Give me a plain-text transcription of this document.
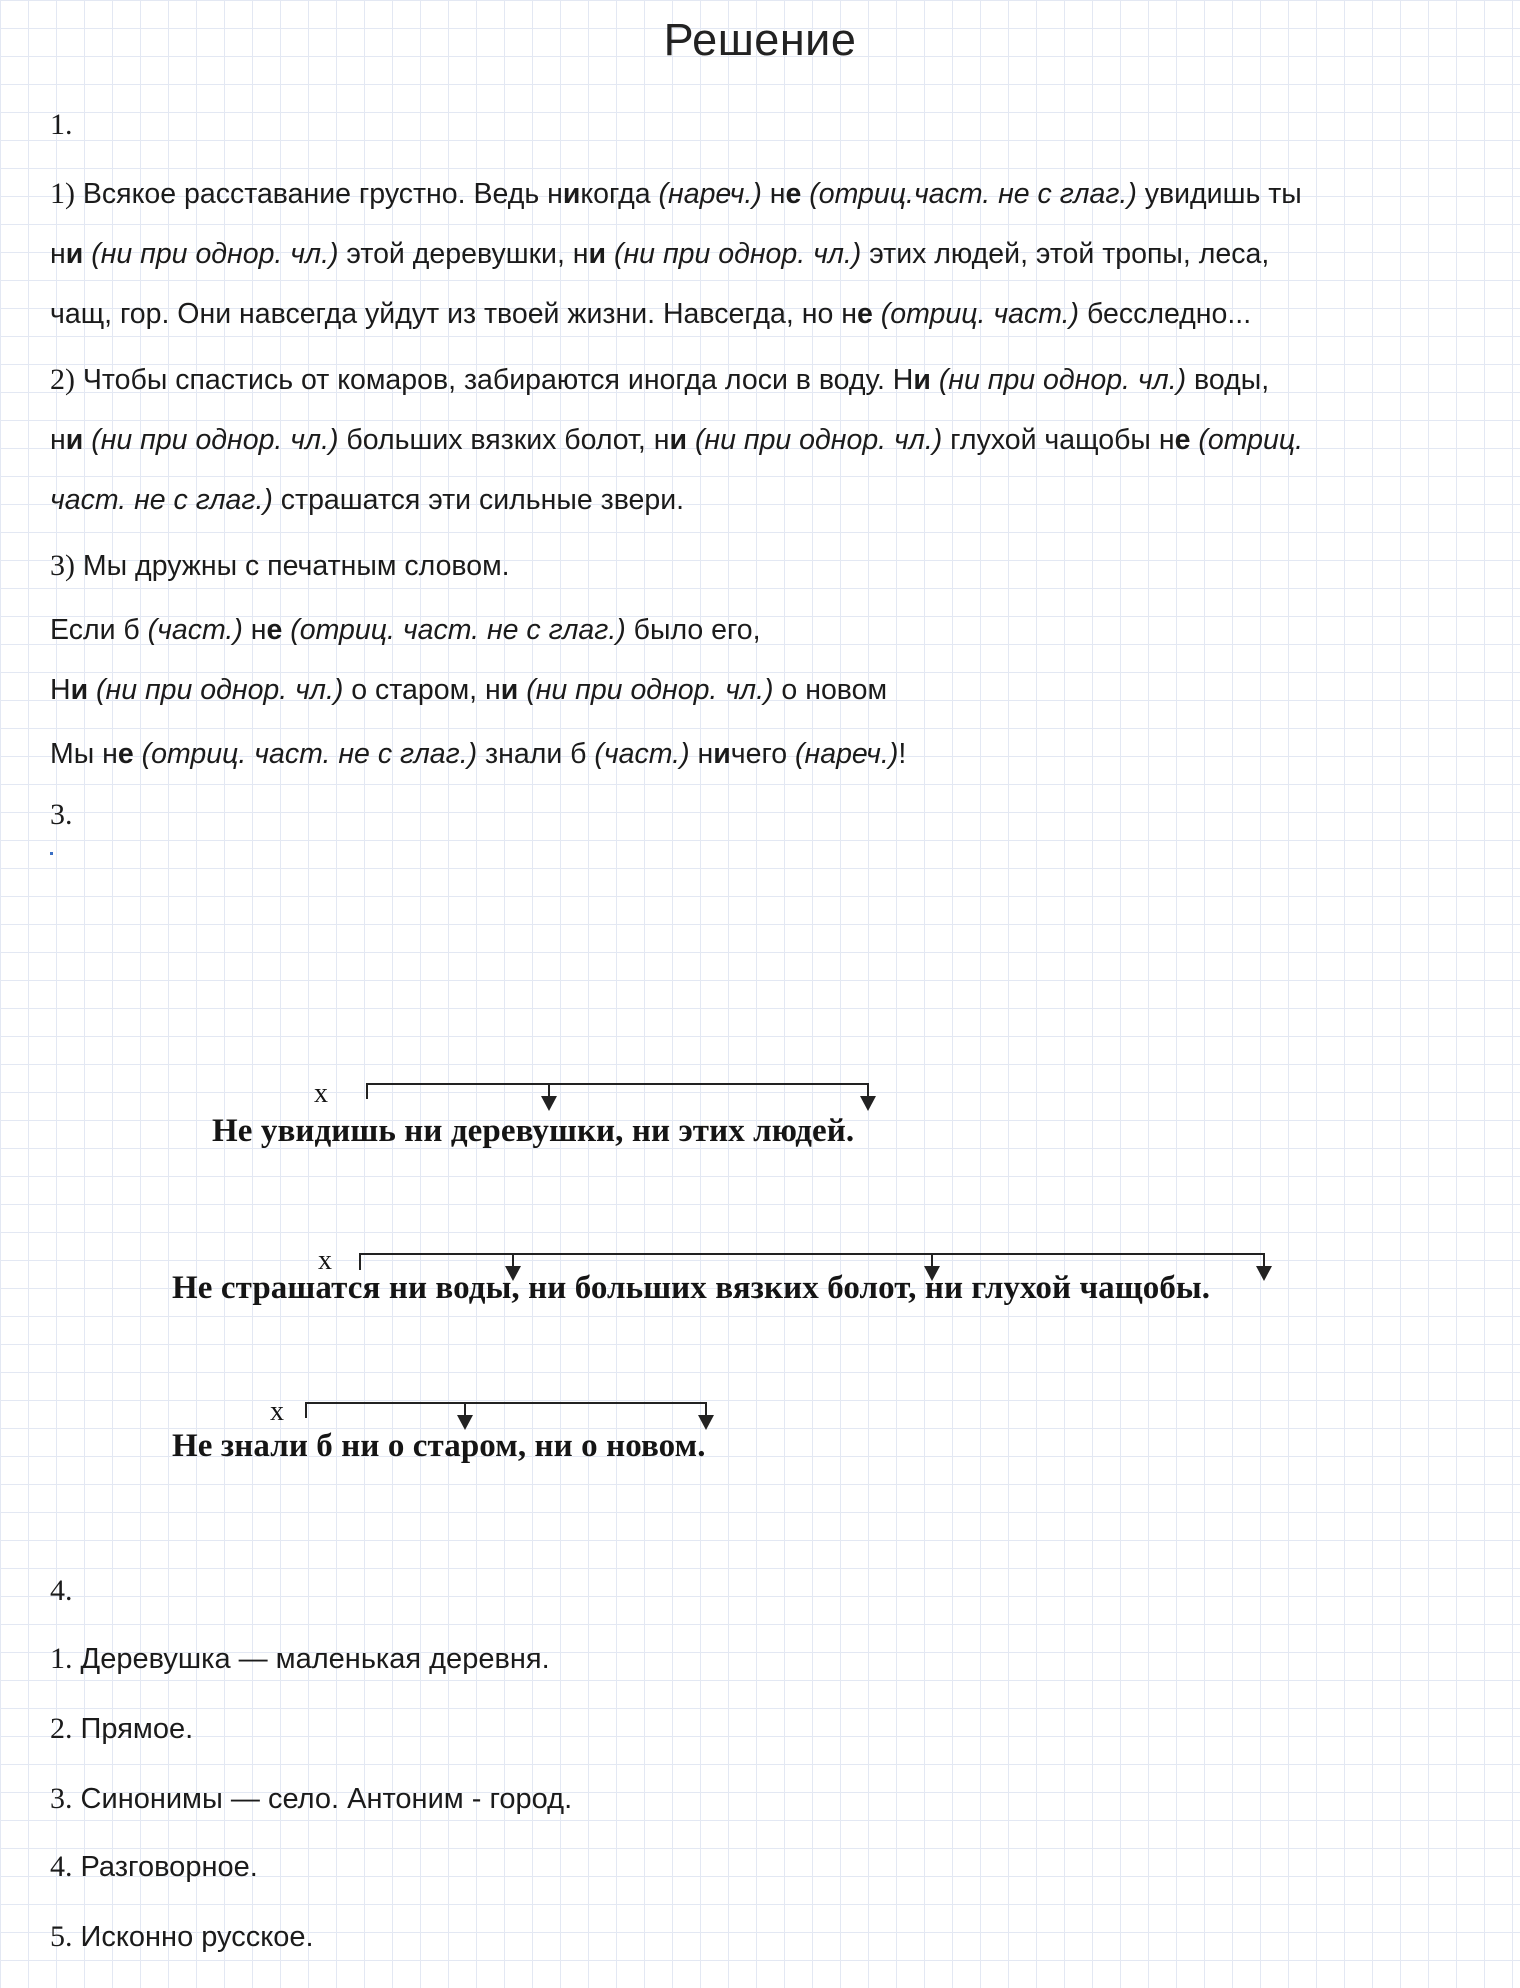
Решение
1.
1) Всякое расставание грустно. Ведь никогда (нареч.) не (отриц.част. не с глаг.) увидишь ты
ни (ни при однор. чл.) этой деревушки, ни (ни при однор. чл.) этих людей, этой тропы, леса,
чащ, гор. Они навсегда уйдут из твоей жизни. Навсегда, но не (отриц. част.) бесследно...
2) Чтобы спастись от комаров, забираются иногда лоси в воду. Ни (ни при однор. чл.) воды,
ни (ни при однор. чл.) больших вязких болот, ни (ни при однор. чл.) глухой чащобы не (отриц.
част. не с глаг.) страшатся эти сильные звери.
3) Мы дружны с печатным словом.
Если б (част.) не (отриц. част. не с глаг.) было его,
Ни (ни при однор. чл.) о старом, ни (ни при однор. чл.) о новом
Мы не (отриц. част. не с глаг.) знали б (част.) ничего (нареч.)!
3.
х
Не увидишь ни деревушки, ни этих людей.
х
Не страшатся ни воды, ни больших вязких болот, ни глухой чащобы.
х
Не знали б ни о старом, ни о новом.
4.
1. Деревушка — маленькая деревня.
2. Прямое.
3. Синонимы — село. Антоним - город.
4. Разговорное.
5. Исконно русское.
